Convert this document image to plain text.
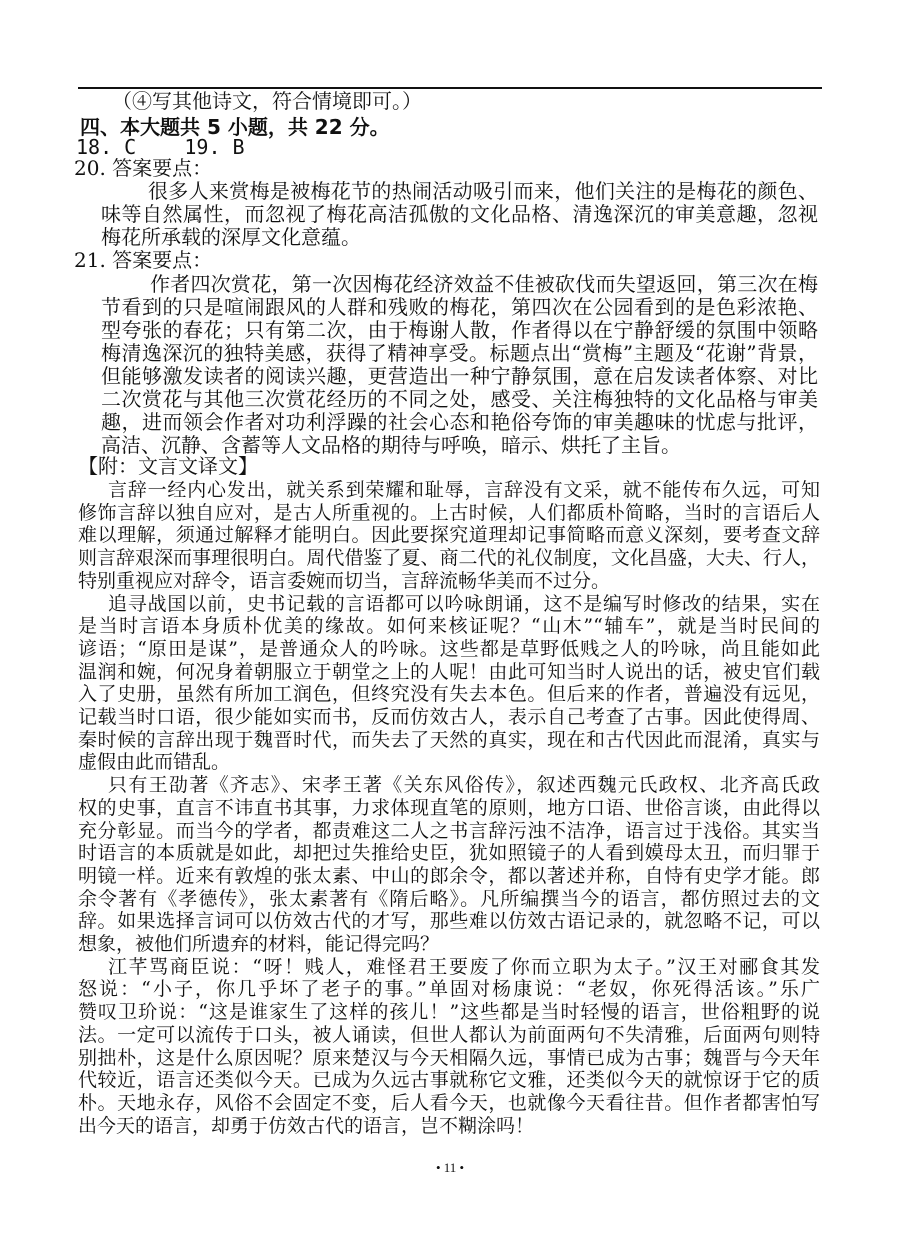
（④写其他诗文，符合情境即可。）
四、本大题共 5 小题，共 22 分。
18. C    19. B
20. 答案要点：
21. 答案要点：
【附：文言文译文】
很多人来赏梅是被梅花节的热闹活动吸引而来，他们关注的是梅花的颜色、
味等自然属性，而忽视了梅花高洁孤傲的文化品格、清逸深沉的审美意趣，忽视
梅花所承载的深厚文化意蕴。
作者四次赏花，第一次因梅花经济效益不佳被砍伐而失望返回，第三次在梅
节看到的只是喧闹跟风的人群和残败的梅花，第四次在公园看到的是色彩浓艳、
型夸张的春花；只有第二次，由于梅谢人散，作者得以在宁静舒缓的氛围中领略
梅清逸深沉的独特美感，获得了精神享受。标题点出“赏梅”主题及“花谢”背景，
但能够激发读者的阅读兴趣，更营造出一种宁静氛围，意在启发读者体察、对比
二次赏花与其他三次赏花经历的不同之处，感受、关注梅独特的文化品格与审美
趣，进而领会作者对功利浮躁的社会心态和艳俗夸饰的审美趣味的忧虑与批评，
高洁、沉静、含蓄等人文品格的期待与呼唤，暗示、烘托了主旨。
言辞一经内心发出，就关系到荣耀和耻辱，言辞没有文采，就不能传布久远，可知
修饰言辞以独自应对，是古人所重视的。上古时候，人们都质朴简略，当时的言语后人
难以理解，须通过解释才能明白。因此要探究道理却记事简略而意义深刻，要考查文辞
则言辞艰深而事理很明白。周代借鉴了夏、商二代的礼仪制度，文化昌盛，大夫、行人，
特别重视应对辞令，语言委婉而切当，言辞流畅华美而不过分。
追寻战国以前，史书记载的言语都可以吟咏朗诵，这不是编写时修改的结果，实在
是当时言语本身质朴优美的缘故。如何来核证呢？“山木”“辅车”，就是当时民间的
谚语；“原田是谋”，是普通众人的吟咏。这些都是草野低贱之人的吟咏，尚且能如此
温润和婉，何况身着朝服立于朝堂之上的人呢！由此可知当时人说出的话，被史官们载
入了史册，虽然有所加工润色，但终究没有失去本色。但后来的作者，普遍没有远见，
记载当时口语，很少能如实而书，反而仿效古人，表示自己考查了古事。因此使得周、
秦时候的言辞出现于魏晋时代，而失去了天然的真实，现在和古代因此而混淆，真实与
虚假由此而错乱。
只有王劭著《齐志》、宋孝王著《关东风俗传》，叙述西魏元氏政权、北齐高氏政
权的史事，直言不讳直书其事，力求体现直笔的原则，地方口语、世俗言谈，由此得以
充分彰显。而当今的学者，都责难这二人之书言辞污浊不洁净，语言过于浅俗。其实当
时语言的本质就是如此，却把过失推给史臣，犹如照镜子的人看到嫫母太丑，而归罪于
明镜一样。近来有敦煌的张太素、中山的郎余令，都以著述并称，自恃有史学才能。郎
余令著有《孝德传》，张太素著有《隋后略》。凡所编撰当今的语言，都仿照过去的文
辞。如果选择言词可以仿效古代的才写，那些难以仿效古语记录的，就忽略不记，可以
想象，被他们所遗弃的材料，能记得完吗？
江芊骂商臣说：“呀！贱人，难怪君王要废了你而立职为太子。”汉王对郦食其发
怒说：“小子，你几乎坏了老子的事。”单固对杨康说：“老奴，你死得活该。”乐广
赞叹卫玠说：“这是谁家生了这样的孩儿！”这些都是当时轻慢的语言，世俗粗野的说
法。一定可以流传于口头，被人诵读，但世人都认为前面两句不失清雅，后面两句则特
别拙朴，这是什么原因呢？原来楚汉与今天相隔久远，事情已成为古事；魏晋与今天年
代较近，语言还类似今天。已成为久远古事就称它文雅，还类似今天的就惊讶于它的质
朴。天地永存，风俗不会固定不变，后人看今天，也就像今天看往昔。但作者都害怕写
出今天的语言，却勇于仿效古代的语言，岂不糊涂吗！
• 11 •
